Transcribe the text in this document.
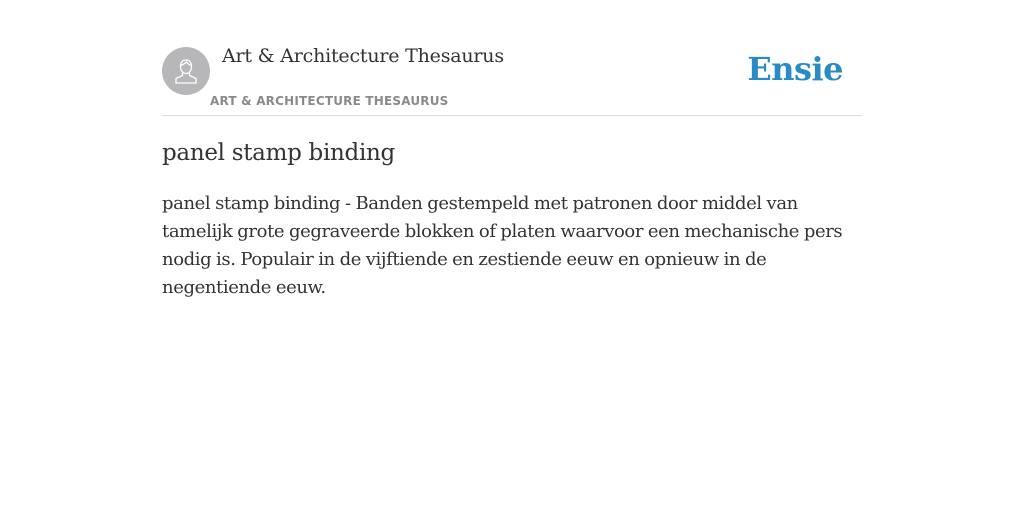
Art & Architecture Thesaurus
ART & ARCHITECTURE THESAURUS
Ensie
panel stamp binding

panel stamp binding - Banden gestempeld met patronen door middel van tamelijk grote gegraveerde blokken of platen waarvoor een mechanische pers nodig is. Populair in de vijftiende en zestiende eeuw en opnieuw in de negentiende eeuw.
